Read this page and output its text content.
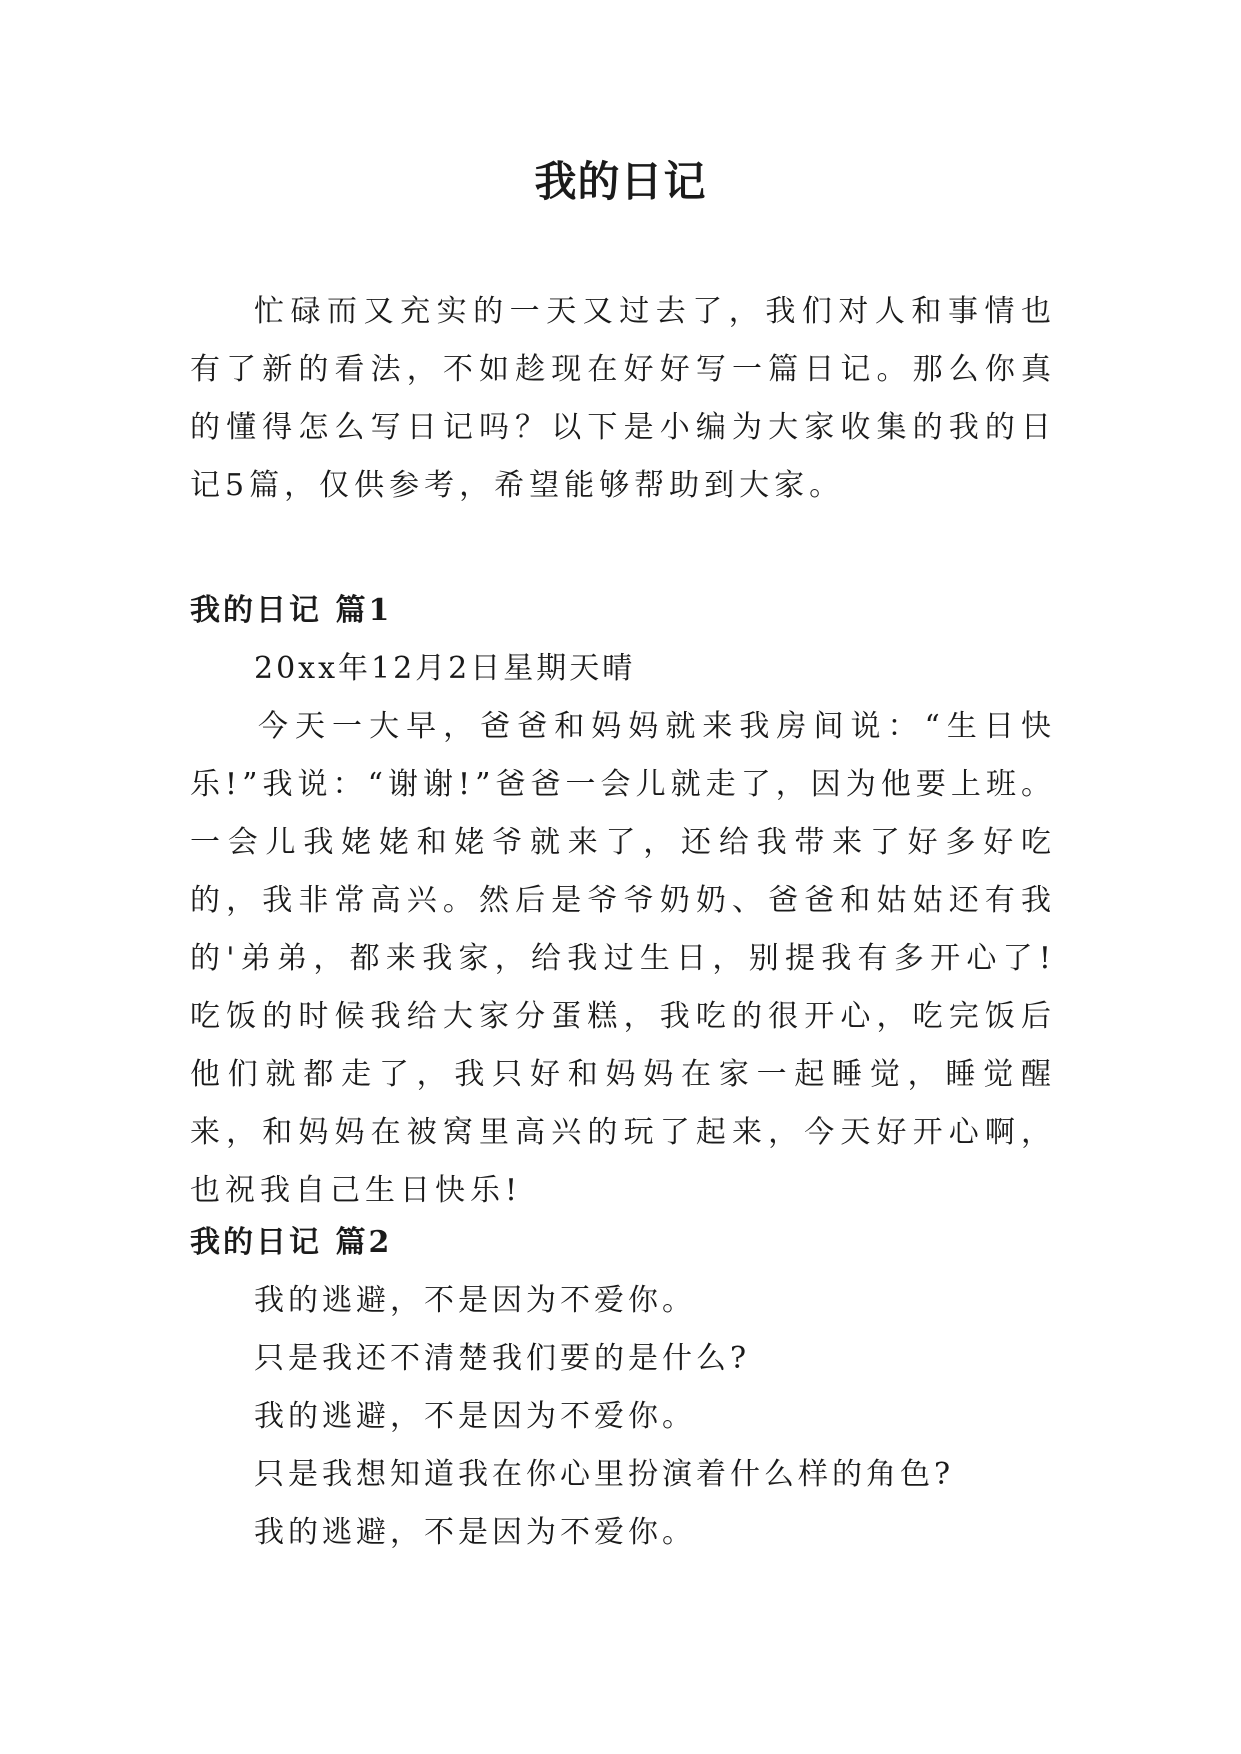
我的日记

忙碌而又充实的一天又过去了，我们对人和事情也有了新的看法，不如趁现在好好写一篇日记。那么你真的懂得怎么写日记吗？以下是小编为大家收集的我的日记5篇，仅供参考，希望能够帮助到大家。

我的日记 篇1

20xx年12月2日星期天晴

今天一大早，爸爸和妈妈就来我房间说：“生日快乐!”我说：“谢谢!”爸爸一会儿就走了，因为他要上班。一会儿我姥姥和姥爷就来了，还给我带来了好多好吃的，我非常高兴。然后是爷爷奶奶、爸爸和姑姑还有我的'弟弟，都来我家，给我过生日，别提我有多开心了!吃饭的时候我给大家分蛋糕，我吃的很开心，吃完饭后他们就都走了，我只好和妈妈在家一起睡觉，睡觉醒来，和妈妈在被窝里高兴的玩了起来，今天好开心啊，也祝我自己生日快乐!

我的日记 篇2
我的逃避，不是因为不爱你。
只是我还不清楚我们要的是什么?
我的逃避，不是因为不爱你。
只是我想知道我在你心里扮演着什么样的角色?
我的逃避，不是因为不爱你。
